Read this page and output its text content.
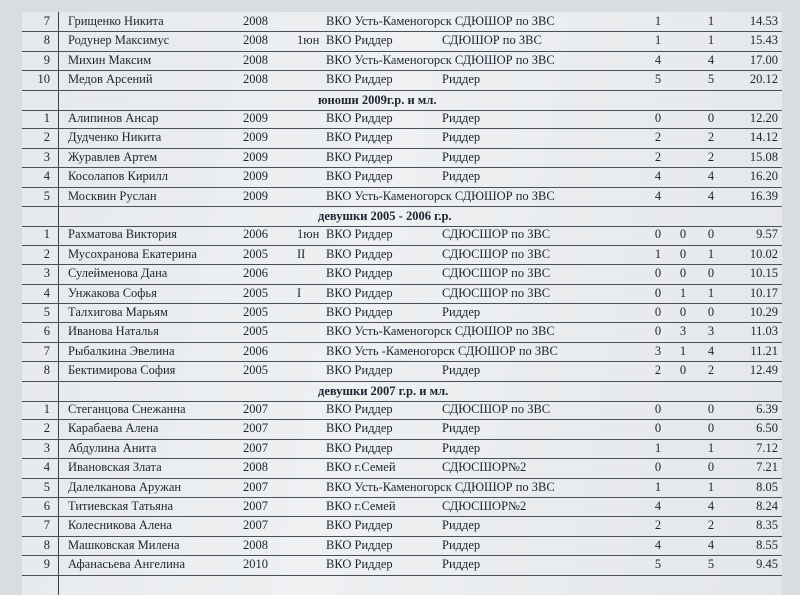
7 Грищенко Никита	2008	ВКО Усть-Каменогорск СДЮШОР по ЗВС	1	1	14.53
8 Родунер Максимус	2008 1юн ВКО Риддер	СДЮШОР по ЗВС	1	1	15.43
9 Михин Максим	2008	ВКО Усть-Каменогорск СДЮШОР по ЗВС	4	4	17.00
10 Медов Арсений	2008	ВКО Риддер	Риддер	5	5	20.12
юноши 2009г.р. и мл.
1 Алипинов Ансар	2009	ВКО Риддер	Риддер	0	0	12.20
2 Дудченко Никита	2009	ВКО Риддер	Риддер	2	2	14.12
3 Журавлев Артем	2009	ВКО Риддер	Риддер	2	2	15.08
4 Косолапов Кирилл	2009	ВКО Риддер	Риддер	4	4	16.20
5 Москвин Руслан	2009	ВКО Усть-Каменогорск СДЮШОР по ЗВС	4	4	16.39
девушки 2005 - 2006 г.р.
1 Рахматова Виктория	2006 1юн ВКО Риддер	СДЮСШОР по ЗВС	0 0 0	9.57
2 Мусохранова Екатерина	2005 II ВКО Риддер	СДЮСШОР по ЗВС	1 0 1	10.02
3 Сулейменова Дана	2006	ВКО Риддер	СДЮСШОР по ЗВС	0 0 0	10.15
4 Унжакова Софья	2005 I ВКО Риддер	СДЮСШОР по ЗВС	0 1 1	10.17
5 Талхигова Марьям	2005	ВКО Риддер	Риддер	0 0 0	10.29
6 Иванова Наталья	2005	ВКО Усть-Каменогорск СДЮШОР по ЗВС	0 3 3	11.03
7 Рыбалкина Эвелина	2006	ВКО Усть -Каменогорск СДЮШОР по ЗВС	3 1 4	11.21
8 Бектимирова София	2005	ВКО Риддер	Риддер	2 0 2	12.49
девушки 2007 г.р. и мл.
1 Стеганцова Снежанна	2007	ВКО Риддер	СДЮСШОР по ЗВС	0	0	6.39
2 Карабаева Алена	2007	ВКО Риддер	Риддер	0	0	6.50
3 Абдулина Анита	2007	ВКО Риддер	Риддер	1	1	7.12
4 Ивановская Злата	2008	ВКО г.Семей	СДЮСШОР№2	0	0	7.21
5 Далелканова Аружан	2007	ВКО Усть-Каменогорск СДЮШОР по ЗВС	1	1	8.05
6 Титиевская Татьяна	2007	ВКО г.Семей	СДЮСШОР№2	4	4	8.24
7 Колесникова Алена	2007	ВКО Риддер	Риддер	2	2	8.35
8 Машковская Милена	2008	ВКО Риддер	Риддер	4	4	8.55
9 Афанасьева Ангелина	2010	ВКО Риддер	Риддер	5	5	9.45
